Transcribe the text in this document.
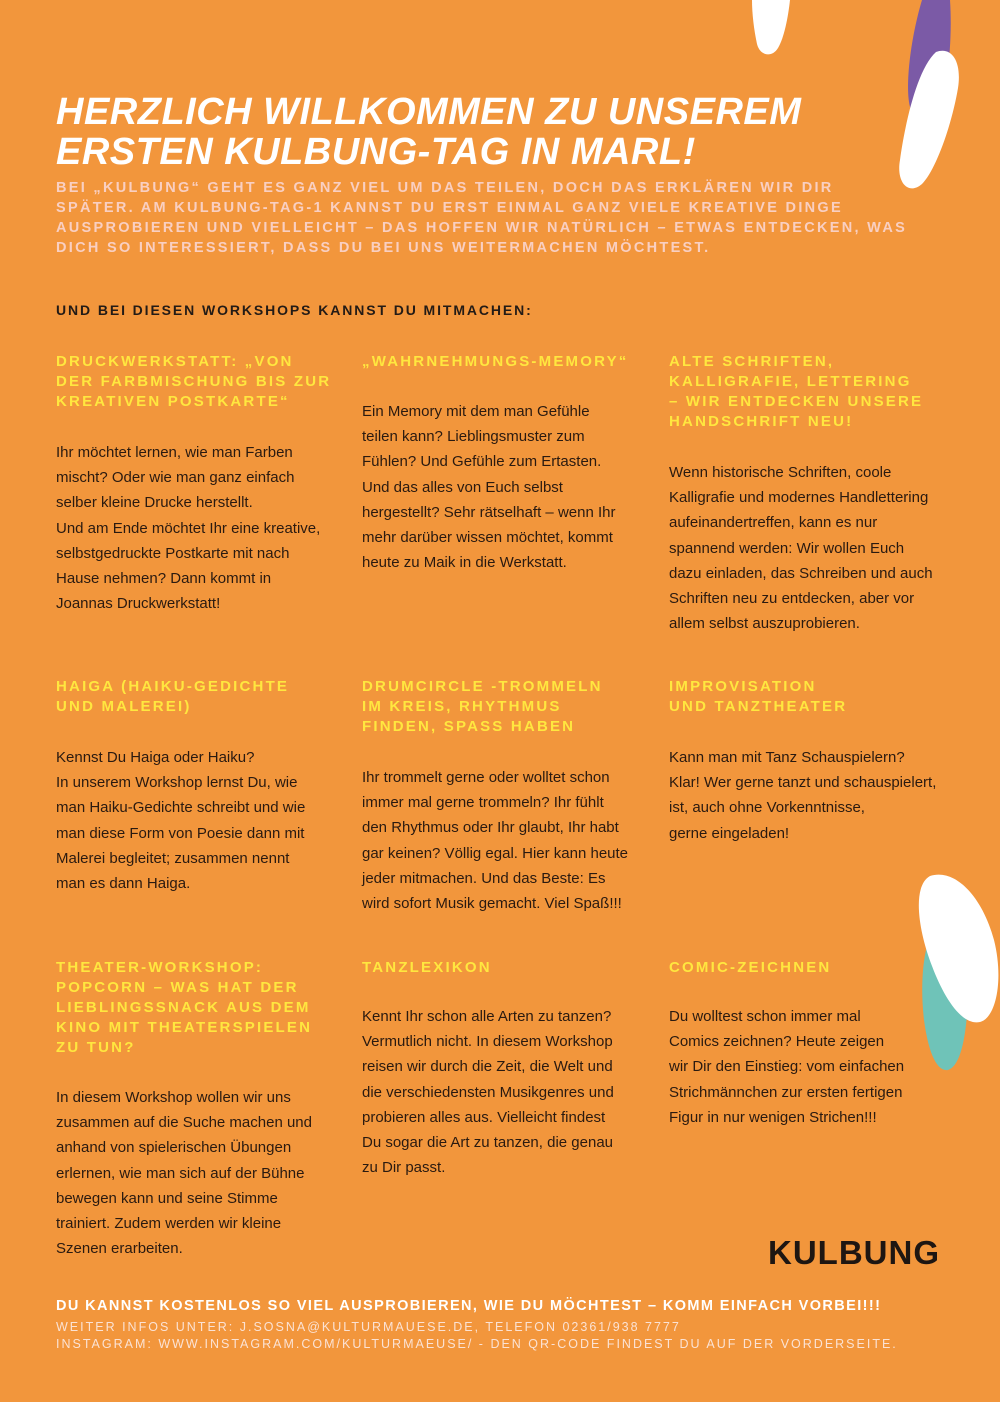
HERZLICH WILLKOMMEN ZU UNSEREM
ERSTEN KULBUNG-TAG IN MARL!

BEI „KULBUNG“ GEHT ES GANZ VIEL UM DAS TEILEN, DOCH DAS ERKLÄREN WIR DIR SPÄTER. AM KULBUNG-TAG-1 KANNST DU ERST EINMAL GANZ VIELE KREATIVE DINGE AUSPROBIEREN UND VIELLEICHT – DAS HOFFEN WIR NATÜRLICH – ETWAS ENTDECKEN, WAS DICH SO INTERESSIERT, DASS DU BEI UNS WEITERMACHEN MÖCHTEST.

UND BEI DIESEN WORKSHOPS KANNST DU MITMACHEN:
DRUCKWERKSTATT: „VON
DER FARBMISCHUNG BIS ZUR
KREATIVEN POSTKARTE“

Ihr möchtet lernen, wie man Farben
mischt? Oder wie man ganz einfach
selber kleine Drucke herstellt.
Und am Ende möchtet Ihr eine kreative,
selbstgedruckte Postkarte mit nach
Hause nehmen? Dann kommt in
Joannas Druckwerkstatt!

„WAHRNEHMUNGS-MEMORY“

Ein Memory mit dem man Gefühle
teilen kann? Lieblingsmuster zum
Fühlen? Und Gefühle zum Ertasten.
Und das alles von Euch selbst
hergestellt? Sehr rätselhaft – wenn Ihr
mehr darüber wissen möchtet, kommt
heute zu Maik in die Werkstatt.

ALTE SCHRIFTEN,
KALLIGRAFIE, LETTERING
– WIR ENTDECKEN UNSERE
HANDSCHRIFT NEU!

Wenn historische Schriften, coole
Kalligrafie und modernes Handlettering
aufeinandertreffen, kann es nur
spannend werden: Wir wollen Euch
dazu einladen, das Schreiben und auch
Schriften neu zu entdecken, aber vor
allem selbst auszuprobieren.

HAIGA (HAIKU-GEDICHTE
UND MALEREI)

Kennst Du Haiga oder Haiku?
In unserem Workshop lernst Du, wie
man Haiku-Gedichte schreibt und wie
man diese Form von Poesie dann mit
Malerei begleitet; zusammen nennt
man es dann Haiga.

DRUMCIRCLE -TROMMELN
IM KREIS, RHYTHMUS
FINDEN, SPASS HABEN

Ihr trommelt gerne oder wolltet schon
immer mal gerne trommeln? Ihr fühlt
den Rhythmus oder Ihr glaubt, Ihr habt
gar keinen? Völlig egal. Hier kann heute
jeder mitmachen. Und das Beste: Es
wird sofort Musik gemacht. Viel Spaß!!!

IMPROVISATION
UND TANZTHEATER

Kann man mit Tanz Schauspielern?
Klar! Wer gerne tanzt und schauspielert,
ist, auch ohne Vorkenntnisse,
gerne eingeladen!

THEATER-WORKSHOP:
POPCORN – WAS HAT DER
LIEBLINGSSNACK AUS DEM
KINO MIT THEATERSPIELEN
ZU TUN?

In diesem Workshop wollen wir uns
zusammen auf die Suche machen und
anhand von spielerischen Übungen
erlernen, wie man sich auf der Bühne
bewegen kann und seine Stimme
trainiert. Zudem werden wir kleine
Szenen erarbeiten.

TANZLEXIKON

Kennt Ihr schon alle Arten zu tanzen?
Vermutlich nicht. In diesem Workshop
reisen wir durch die Zeit, die Welt und
die verschiedensten Musikgenres und
probieren alles aus. Vielleicht findest
Du sogar die Art zu tanzen, die genau
zu Dir passt.

COMIC-ZEICHNEN

Du wolltest schon immer mal
Comics zeichnen? Heute zeigen
wir Dir den Einstieg: vom einfachen
Strichmännchen zur ersten fertigen
Figur in nur wenigen Strichen!!!

KULBUNG

DU KANNST KOSTENLOS SO VIEL AUSPROBIEREN, WIE DU MÖCHTEST – KOMM EINFACH VORBEI!!!

WEITER INFOS UNTER: J.SOSNA@KULTURMAUESE.DE, TELEFON 02361/938 7777

INSTAGRAM: WWW.INSTAGRAM.COM/KULTURMAEUSE/ - DEN QR-CODE FINDEST DU AUF DER VORDERSEITE.
